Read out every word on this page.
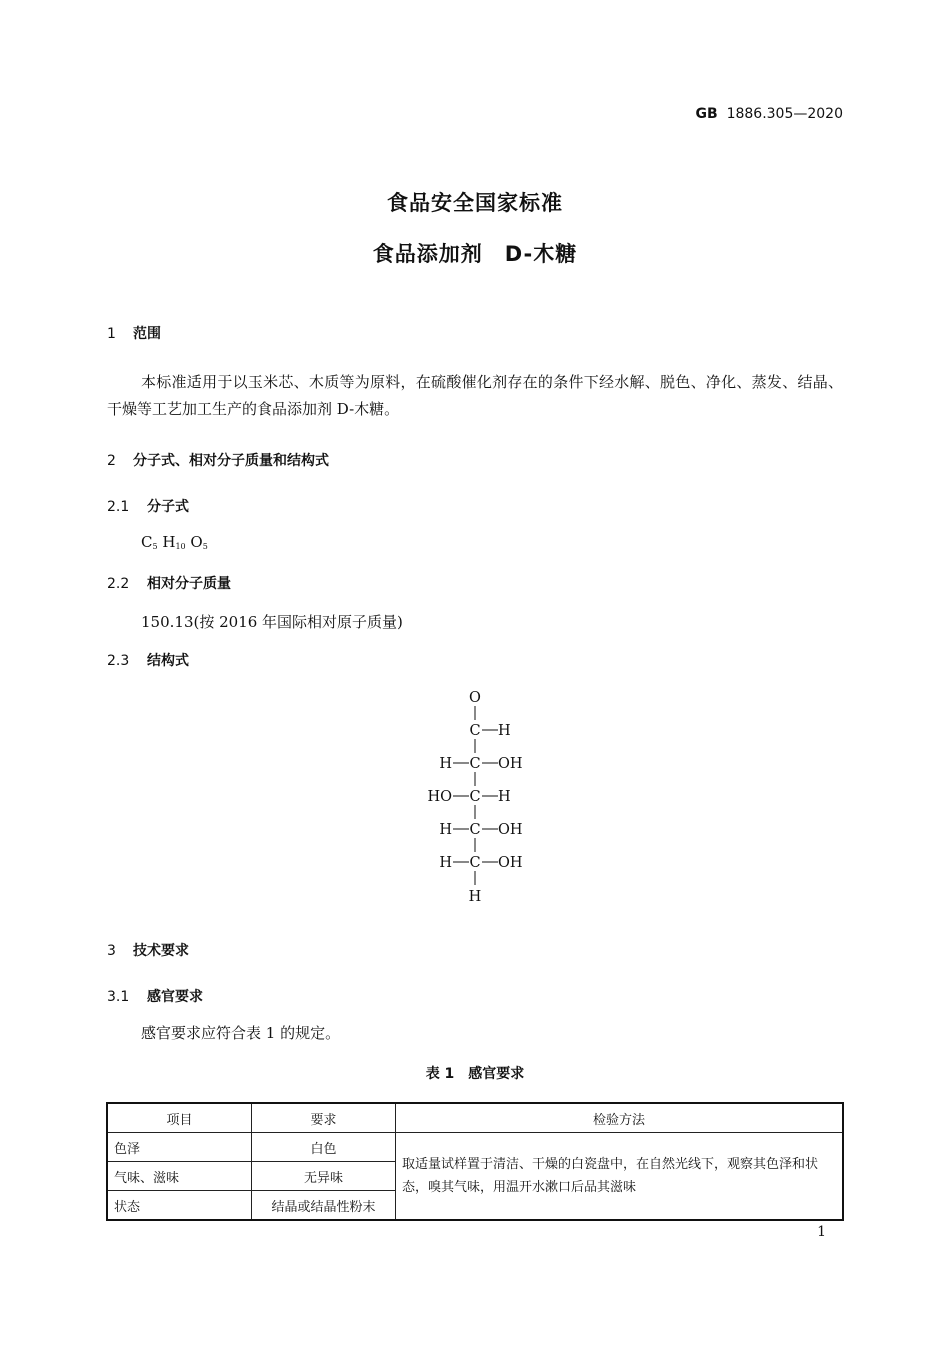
GB 1886.305—2020
食品安全国家标准
食品添加剂　D-木糖
1 范围
本标准适用于以玉米芯、木质等为原料，在硫酸催化剂存在的条件下经水解、脱色、净化、蒸发、结晶、干燥等工艺加工生产的食品添加剂 D-木糖。
2 分子式、相对分子质量和结构式
2.1 分子式
$C_5$ $H_{10}$ $O_5$
2.2 相对分子质量
150.13(按 2016 年国际相对原子质量)
2.3 结构式
O
C H
H C OH
HO C H
H C OH
H C OH
H
3 技术要求
3.1 感官要求
感官要求应符合表 1 的规定。
表 1　感官要求
项目	要求	检验方法
色泽	白色	取适量试样置于清洁、干燥的白瓷盘中，在自然光线下，观察其色泽和状态，嗅其气味，用温开水漱口后品其滋味
气味、滋味	无异味	
状态	结晶或结晶性粉末	
1
